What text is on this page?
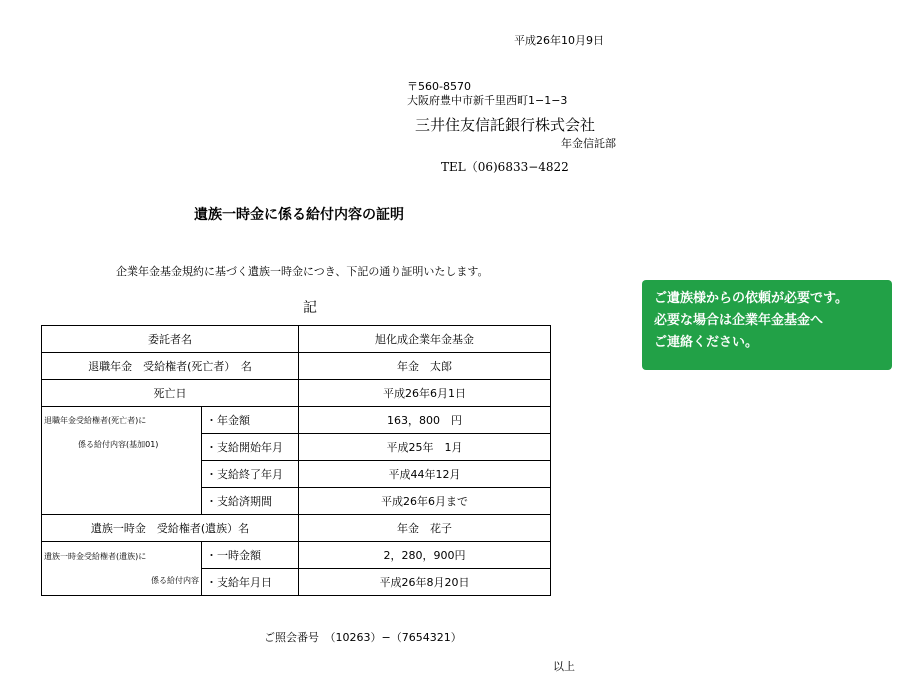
平成26年10月9日
〒560-8570
大阪府豊中市新千里西町1−1−3
三井住友信託銀行株式会社
年金信託部
TEL（06)6833−4822
遺族一時金に係る給付内容の証明
企業年金基金規約に基づく遺族一時金につき、下記の通り証明いたします。
記
委託者名		旭化成企業年金基金
退職年金　受給権者(死亡者）　名		年金　太郎
死亡日		平成26年6月1日

退職年金受給権者(死亡者)に
係る給付内容(基加01)	・年金額	163，800　円
	・支給開始年月	平成25年　1月
	・支給終了年月	平成44年12月
	・支給済期間	平成26年6月まで
遺族一時金　受給権者(遺族）名		年金　花子

遺族一時金受給権者(遺族)に
係る給付内容	・一時金額	2，280，900円
	・支給年月日	平成26年8月20日
ご照会番号　（10263）−（7654321）
以上
ご遺族様からの依頼が必要です。
必要な場合は企業年金基金へ
ご連絡ください。
